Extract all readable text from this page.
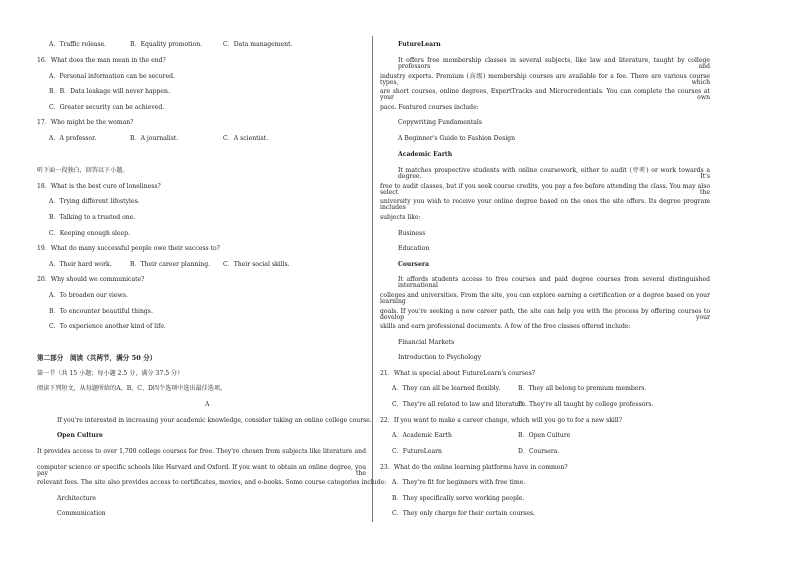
A．Traffic release.	B．Equality promotion.	C．Data management.
16．What does the man mean in the end?
A．Personal information can be secured.
B．B．Data leakage will never happen.
C．Greater security can be achieved.
17．Who might be the woman?
A．A professor.	B．A journalist.	C．A scientist.
听下面一段独白，回答以下小题。
18．What is the best cure of loneliness?
A．Trying different lifestyles.
B．Talking to a trusted one.
C．Keeping enough sleep.
19．What do many successful people owe their success to?
A．Their hard work.	B．Their career planning. C．Their social skills.
20．Why should we communicate?
A．To broaden our views.
B．To encounter beautiful things.
C．To experience another kind of life.
第二部分　阅读（共两节，满分 50 分）
第一节（共 15 小题；每小题 2.5 分，满分 37.5 分）
阅读下列短文，从每题所给的A、B、C、D四个选项中选出最佳选项。
A
If you're interested in increasing your academic knowledge, consider taking an online college course.
Open Culture
It provides access to over 1,700 college courses for free. They're chosen from subjects like literature and
computer science or specific schools like Harvard and Oxford. If you want to obtain an online degree, you pay the
relevant fees. The site also provides access to certificates, movies, and e-books. Some course categories include:
Architecture
Communication
FutureLearn
It offers free membership classes in several subjects, like law and literature, taught by college professors and
industry experts. Premium (高级) membership courses are available for a fee. There are various course types, which
are short courses, online degrees, ExpertTracks and Microcredentials. You can complete the courses at your own
pace. Featured courses include:
Copywriting Fundamentals
A Beginner's Guide to Fashion Design
Academic Earth
It matches prospective students with online coursework, either to audit (旁听) or work towards a degree. It's
free to audit classes, but if you seek course credits, you pay a fee before attending the class. You may also select the
university you wish to receive your online degree based on the ones the site offers. Its degree program includes
subjects like:
Business
Education
Coursera
It affords students access to free courses and paid degree courses from several distinguished international
colleges and universities. From the site, you can explore earning a certification or a degree based on your learning
goals. If you're seeking a new career path, the site can help you with the process by offering courses to develop your
skills and earn professional documents. A few of the free classes offered include:
Financial Markets
Introduction to Psychology
21．What is special about FutureLearn's courses?
A．They can all be learned flexibly.	B．They all belong to premium members.
C．They're all related to law and literature.
D．They're all taught by college professors.
22．If you want to make a career change, which will you go to for a new skill?
A．Academic Earth	B．Open Culture
C．FutureLearn	D．Coursera.
23．What do the online learning platforms have in common?
A．They're fit for beginners with free time.
B．They specifically serve working people.
C．They only charge for their certain courses.
